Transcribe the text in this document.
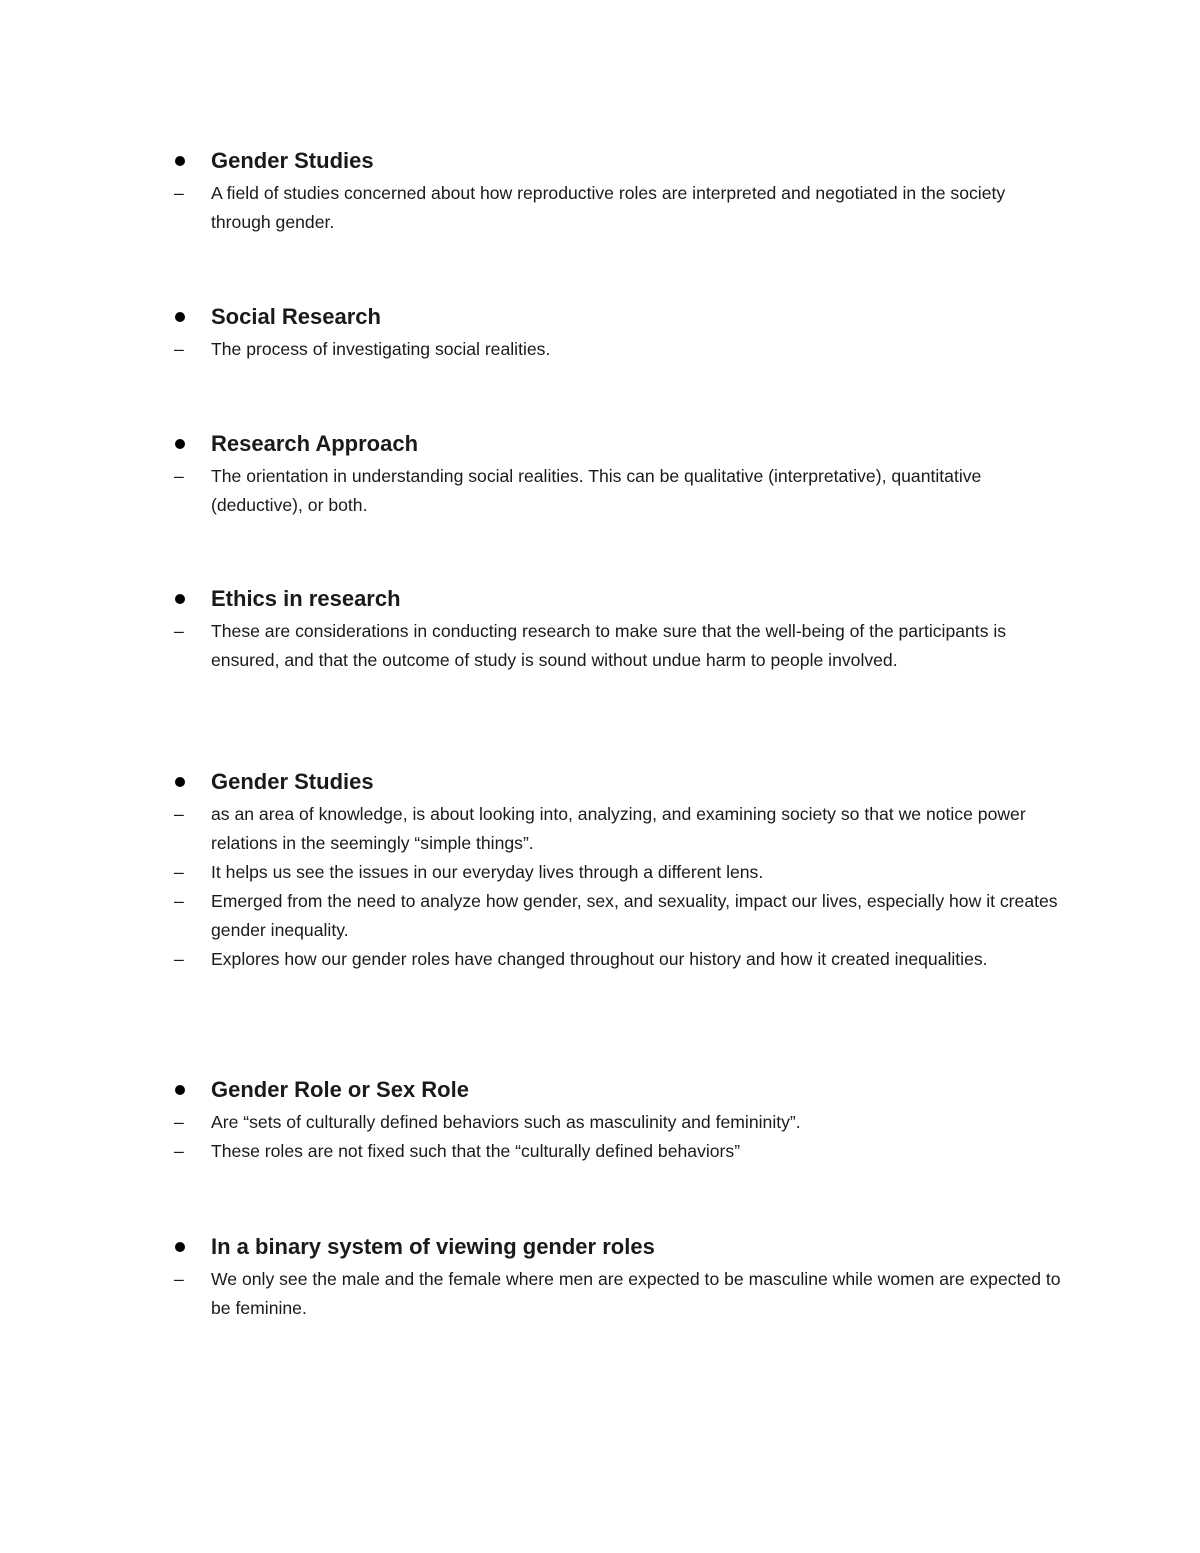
Gender Studies
– A field of studies concerned about how reproductive roles are interpreted and negotiated in the society through gender.
Social Research
– The process of investigating social realities.
Research Approach
– The orientation in understanding social realities. This can be qualitative (interpretative), quantitative (deductive), or both.
Ethics in research
– These are considerations in conducting research to make sure that the well-being of the participants is ensured, and that the outcome of study is sound without undue harm to people involved.
Gender Studies
– as an area of knowledge, is about looking into, analyzing, and examining society so that we notice power relations in the seemingly “simple things”.
– It helps us see the issues in our everyday lives through a different lens.
– Emerged from the need to analyze how gender, sex, and sexuality, impact our lives, especially how it creates gender inequality.
– Explores how our gender roles have changed throughout our history and how it created inequalities.
Gender Role or Sex Role
– Are “sets of culturally defined behaviors such as masculinity and femininity”.
– These roles are not fixed such that the “culturally defined behaviors”
In a binary system of viewing gender roles
– We only see the male and the female where men are expected to be masculine while women are expected to be feminine.
